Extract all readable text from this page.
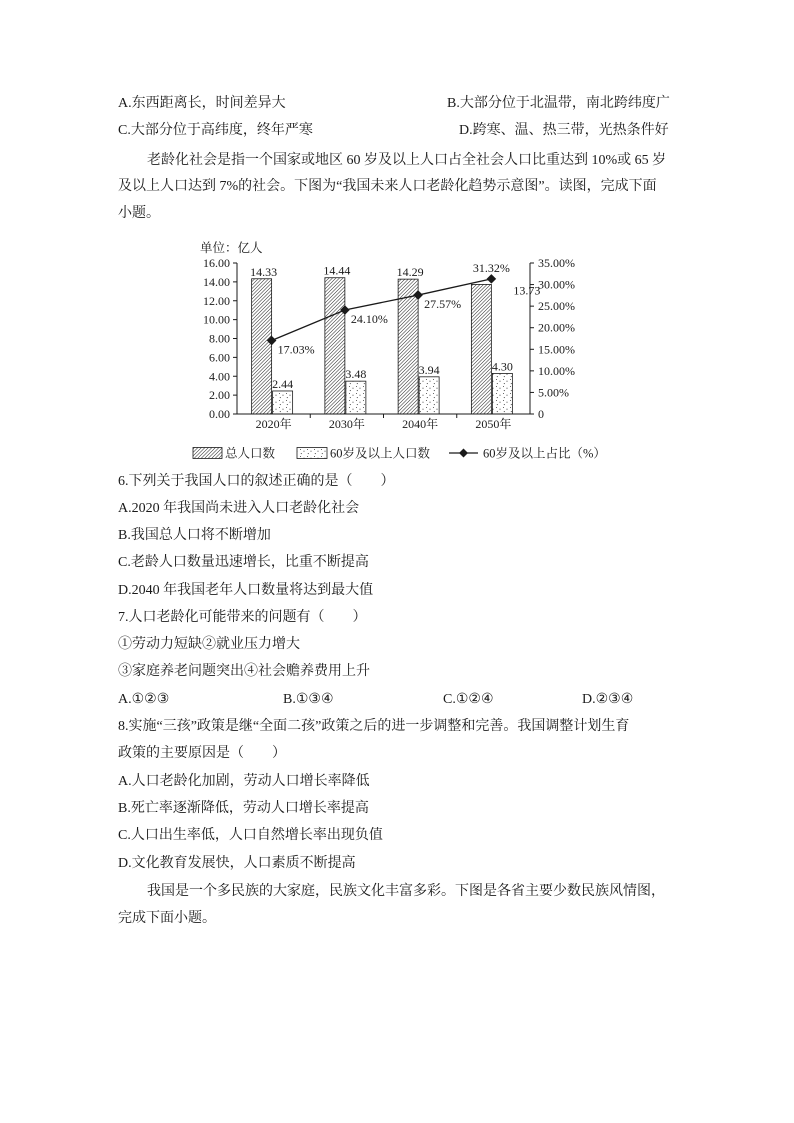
A.东西距离长，时间差异大	B.大部分位于北温带，南北跨纬度广
C.大部分位于高纬度，终年严寒	D.跨寒、温、热三带，光热条件好
老龄化社会是指一个国家或地区 60 岁及以上人口占全社会人口比重达到 10%或 65 岁
及以上人口达到 7%的社会。下图为“我国未来人口老龄化趋势示意图”。读图，完成下面
小题。
单位：亿人
0.00
2.00
4.00
6.00
8.00
10.00
12.00
14.00
16.00
0
5.00%
10.00%
15.00%
20.00%
25.00%
30.00%
35.00%
2020年
14.33
2.44
17.03%
2030年
14.44
3.48
24.10%
2040年
14.29
3.94
27.57%
2050年
13.73
4.30
31.32%
总人口数	60岁及以上人口数	60岁及以上占比（%）
6.下列关于我国人口的叙述正确的是（　　）
A.2020 年我国尚未进入人口老龄化社会
B.我国总人口将不断增加
C.老龄人口数量迅速增长，比重不断提高
D.2040 年我国老年人口数量将达到最大值
7.人口老龄化可能带来的问题有（　　）
①劳动力短缺②就业压力增大
③家庭养老问题突出④社会赡养费用上升
A.①②③	B.①③④	C.①②④	D.②③④
8.实施“三孩”政策是继“全面二孩”政策之后的进一步调整和完善。我国调整计划生育
政策的主要原因是（　　）
A.人口老龄化加剧，劳动人口增长率降低
B.死亡率逐渐降低，劳动人口增长率提高
C.人口出生率低，人口自然增长率出现负值
D.文化教育发展快，人口素质不断提高
我国是一个多民族的大家庭，民族文化丰富多彩。下图是各省主要少数民族风情图，
完成下面小题。
